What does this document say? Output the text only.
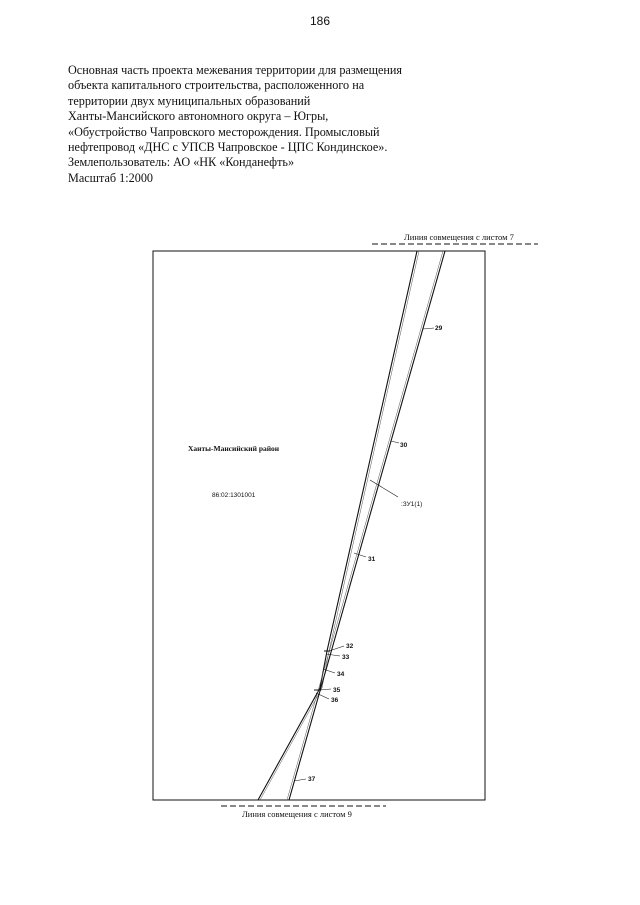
186
Основная часть проекта межевания территории для размещения
объекта капитального строительства, расположенного на
территории двух муниципальных образований
Ханты-Мансийского автономного округа – Югры,
«Обустройство Чапровского месторождения. Промысловый
нефтепровод «ДНС с УПСВ Чапровское - ЦПС Кондинское».
Землепользователь: АО «НК «Конданефть»
Масштаб 1:2000
Линия совмещения с листом 7
Ханты-Мансийский район
86:02:1301001
:ЗУ1(1)
29
30
31
32
33
34
35
36
37
Линия совмещения с листом 9
